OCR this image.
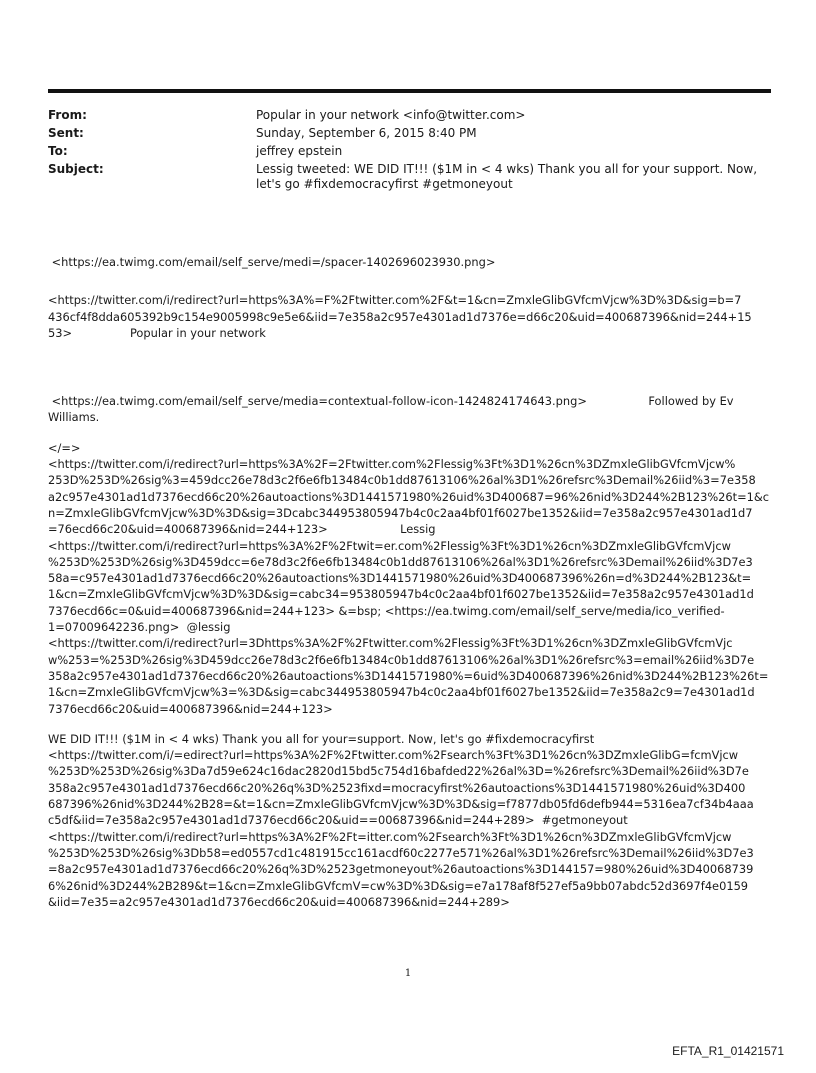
From:	Popular in your network <info@twitter.com>
Sent:	Sunday, September 6, 2015 8:40 PM
To:	jeffrey epstein
Subject:	Lessig tweeted: WE DID IT!!! ($1M in < 4 wks) Thank you all for your support. Now,
let's go #fixdemocracyfirst #getmoneyout

<https://ea.twimg.com/email/self_serve/medi=/spacer-1402696023930.png>

<https://twitter.com/i/redirect?url=https%3A%=F%2Ftwitter.com%2F&t=1&cn=ZmxleGlibGVfcmVjcw%3D%3D&sig=b=7
436cf4f8dda605392b9c154e9005998c9e5e6&iid=7e358a2c957e4301ad1d7376e=d66c20&uid=400687396&nid=244+15
53>                Popular in your network

<https://ea.twimg.com/email/self_serve/media=contextual-follow-icon-1424824174643.png>                 Followed by Ev
Williams.

</=>
<https://twitter.com/i/redirect?url=https%3A%2F=2Ftwitter.com%2Flessig%3Ft%3D1%26cn%3DZmxleGlibGVfcmVjcw%
253D%253D%26sig%3=459dcc26e78d3c2f6e6fb13484c0b1dd87613106%26al%3D1%26refsrc%3Demail%26iid%3=7e358
a2c957e4301ad1d7376ecd66c20%26autoactions%3D1441571980%26uid%3D400687=96%26nid%3D244%2B123%26t=1&c
n=ZmxleGlibGVfcmVjcw%3D%3D&sig=3Dcabc344953805947b4c0c2aa4bf01f6027be1352&iid=7e358a2c957e4301ad1d7
=76ecd66c20&uid=400687396&nid=244+123>                    Lessig
<https://twitter.com/i/redirect?url=https%3A%2F%2Ftwit=er.com%2Flessig%3Ft%3D1%26cn%3DZmxleGlibGVfcmVjcw
%253D%253D%26sig%3D459dcc=6e78d3c2f6e6fb13484c0b1dd87613106%26al%3D1%26refsrc%3Demail%26iid%3D7e3
58a=c957e4301ad1d7376ecd66c20%26autoactions%3D1441571980%26uid%3D400687396%26n=d%3D244%2B123&t=
1&cn=ZmxleGlibGVfcmVjcw%3D%3D&sig=cabc34=953805947b4c0c2aa4bf01f6027be1352&iid=7e358a2c957e4301ad1d
7376ecd66c=0&uid=400687396&nid=244+123> &=bsp; <https://ea.twimg.com/email/self_serve/media/ico_verified-
1=07009642236.png>  @lessig
<https://twitter.com/i/redirect?url=3Dhttps%3A%2F%2Ftwitter.com%2Flessig%3Ft%3D1%26cn%3DZmxleGlibGVfcmVjc
w%253=%253D%26sig%3D459dcc26e78d3c2f6e6fb13484c0b1dd87613106%26al%3D1%26refsrc%3=email%26iid%3D7e
358a2c957e4301ad1d7376ecd66c20%26autoactions%3D1441571980%=6uid%3D400687396%26nid%3D244%2B123%26t=
1&cn=ZmxleGlibGVfcmVjcw%3=%3D&sig=cabc344953805947b4c0c2aa4bf01f6027be1352&iid=7e358a2c9=7e4301ad1d
7376ecd66c20&uid=400687396&nid=244+123>

WE DID IT!!! ($1M in < 4 wks) Thank you all for your=support. Now, let's go #fixdemocracyfirst
<https://twitter.com/i/=edirect?url=https%3A%2F%2Ftwitter.com%2Fsearch%3Ft%3D1%26cn%3DZmxleGlibG=fcmVjcw
%253D%253D%26sig%3Da7d59e624c16dac2820d15bd5c754d16bafded22%26al%3D=%26refsrc%3Demail%26iid%3D7e
358a2c957e4301ad1d7376ecd66c20%26q%3D%2523fixd=mocracyfirst%26autoactions%3D1441571980%26uid%3D400
687396%26nid%3D244%2B28=&t=1&cn=ZmxleGlibGVfcmVjcw%3D%3D&sig=f7877db05fd6defb944=5316ea7cf34b4aaa
c5df&iid=7e358a2c957e4301ad1d7376ecd66c20&uid==00687396&nid=244+289>  #getmoneyout
<https://twitter.com/i/redirect?url=https%3A%2F%2Ft=itter.com%2Fsearch%3Ft%3D1%26cn%3DZmxleGlibGVfcmVjcw
%253D%253D%26sig%3Db58=ed0557cd1c481915cc161acdf60c2277e571%26al%3D1%26refsrc%3Demail%26iid%3D7e3
=8a2c957e4301ad1d7376ecd66c20%26q%3D%2523getmoneyout%26autoactions%3D144157=980%26uid%3D40068739
6%26nid%3D244%2B289&t=1&cn=ZmxleGlibGVfcmV=cw%3D%3D&sig=e7a178af8f527ef5a9bb07abdc52d3697f4e0159
&iid=7e35=a2c957e4301ad1d7376ecd66c20&uid=400687396&nid=244+289>

1
EFTA_R1_01421571
